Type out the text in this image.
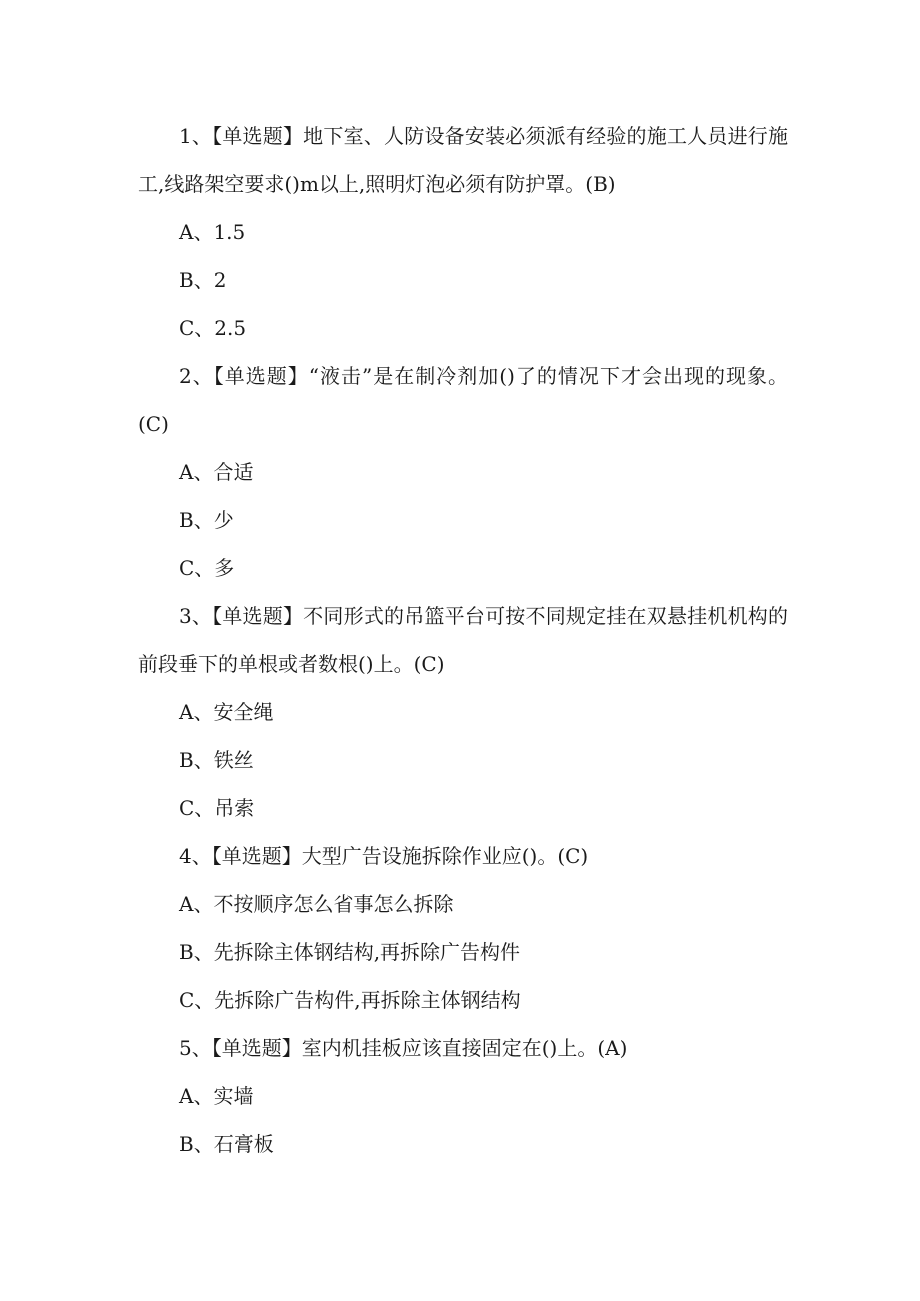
1、【单选题】地下室、人防设备安装必须派有经验的施工人员进行施工,线路架空要求()m以上,照明灯泡必须有防护罩。(B)

A、1.5

B、2

C、2.5

2、【单选题】“液击”是在制冷剂加()了的情况下才会出现的现象。(C)

A、合适

B、少

C、多

3、【单选题】不同形式的吊篮平台可按不同规定挂在双悬挂机机构的前段垂下的单根或者数根()上。(C)

A、安全绳

B、铁丝

C、吊索

4、【单选题】大型广告设施拆除作业应()。(C)

A、不按顺序怎么省事怎么拆除

B、先拆除主体钢结构,再拆除广告构件

C、先拆除广告构件,再拆除主体钢结构

5、【单选题】室内机挂板应该直接固定在()上。(A)

A、实墙

B、石膏板
